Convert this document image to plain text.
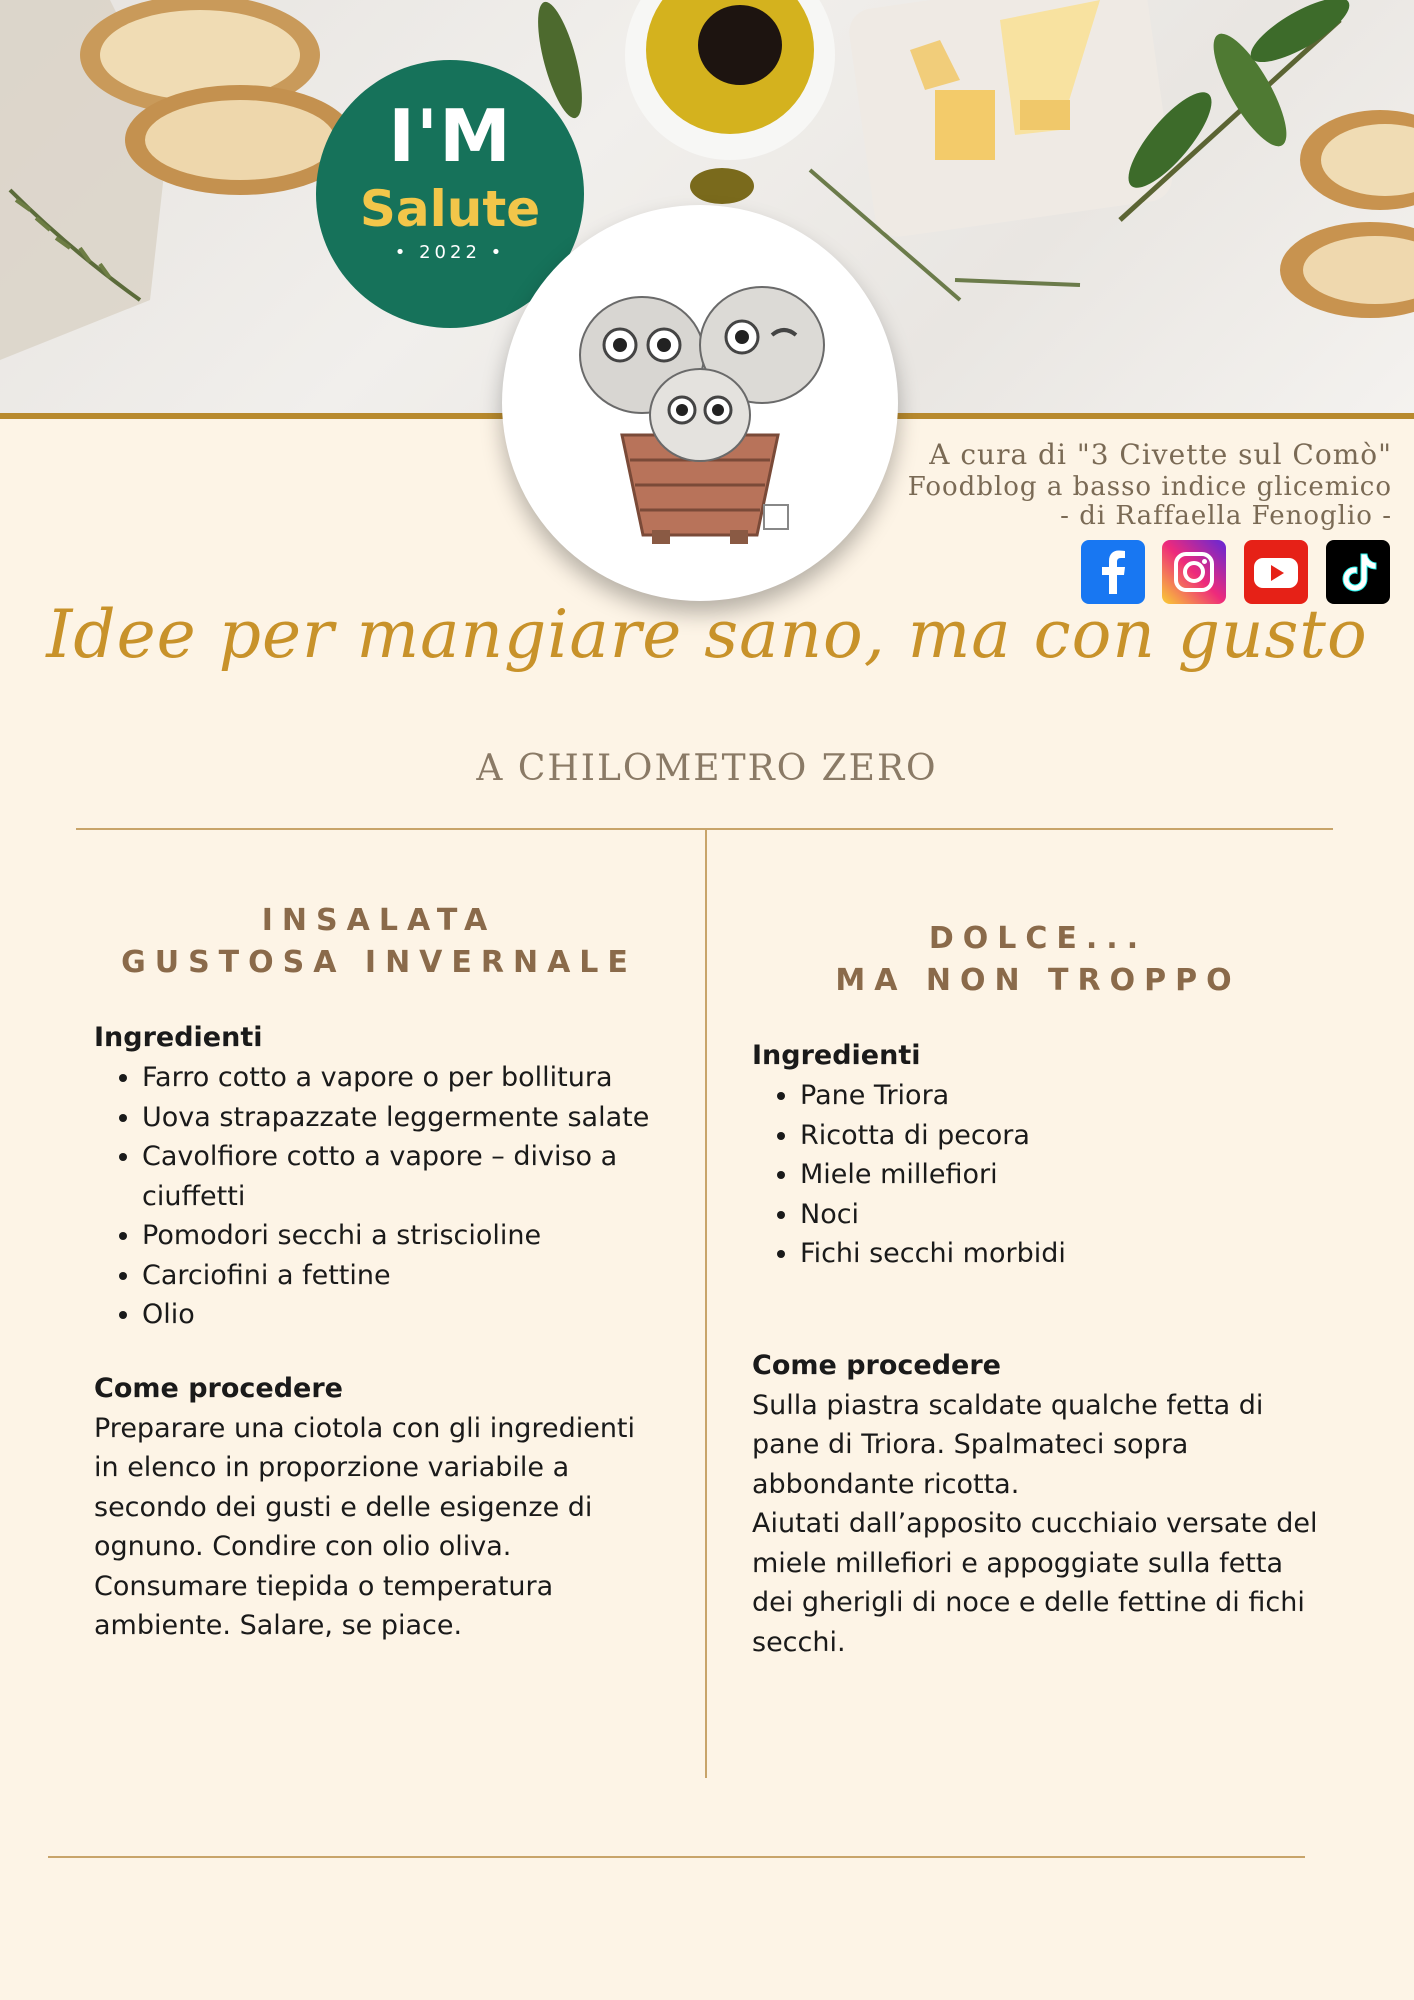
I'M
Salute
• 2022 •
A cura di "3 Civette sul Comò"
Foodblog a basso indice glicemico
- di Raffaella Fenoglio -
Idee per mangiare sano, ma con gusto
A CHILOMETRO ZERO
INSALATA
GUSTOSA INVERNALE
Ingredienti
• Farro cotto a vapore o per bollitura
• Uova strapazzate leggermente salate
• Cavolfiore cotto a vapore – diviso a ciuffetti
• Pomodori secchi a striscioline
• Carciofini a fettine
• Olio
Come procedere

Preparare una ciotola con gli ingredienti in elenco in proporzione variabile a secondo dei gusti e delle esigenze di ognuno. Condire con olio oliva. Consumare tiepida o temperatura ambiente. Salare, se piace.

DOLCE...
MA NON TROPPO
Ingredienti
• Pane Triora
• Ricotta di pecora
• Miele millefiori
• Noci
• Fichi secchi morbidi
Come procedere

Sulla piastra scaldate qualche fetta di pane di Triora. Spalmateci sopra abbondante ricotta.

Aiutati dall’apposito cucchiaio versate del miele millefiori e appoggiate sulla fetta dei gherigli di noce e delle fettine di fichi secchi.
